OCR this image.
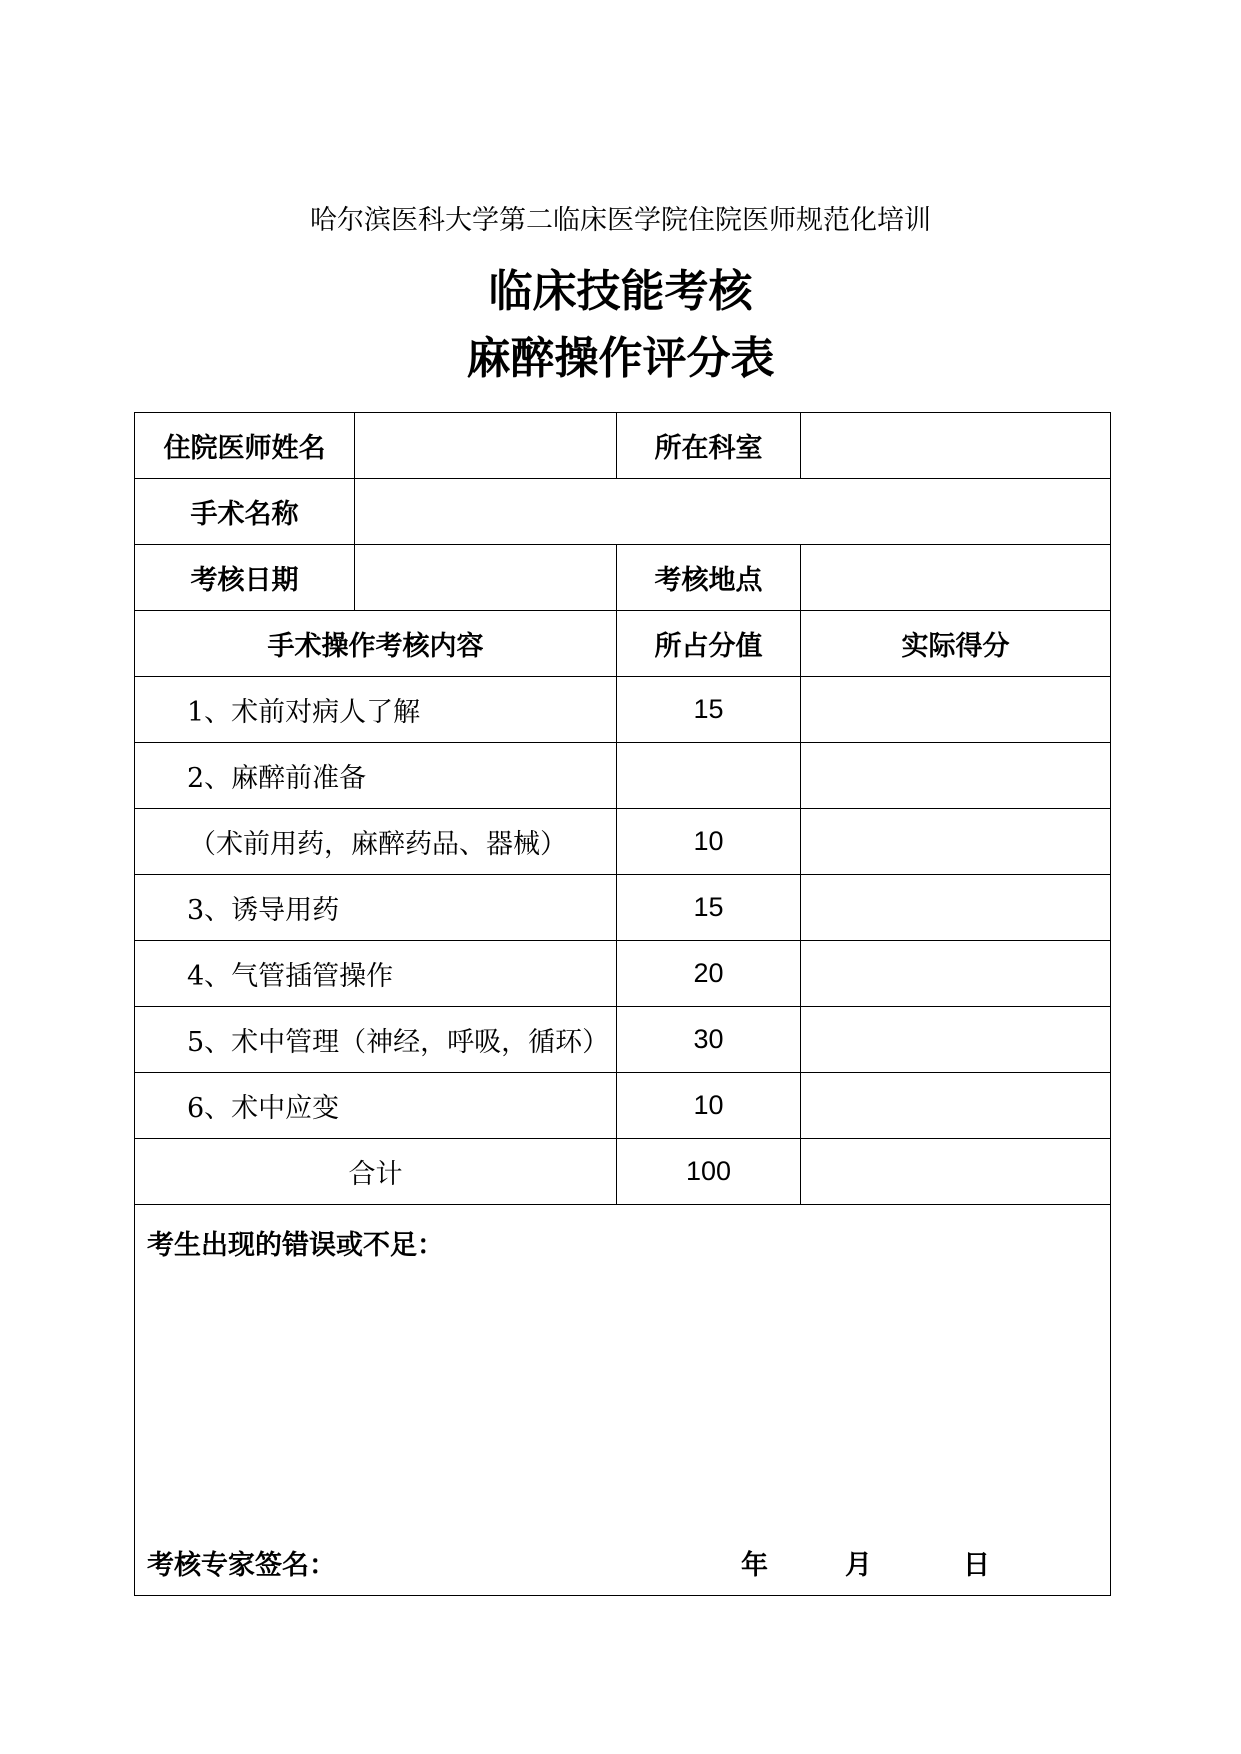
哈尔滨医科大学第二临床医学院住院医师规范化培训
临床技能考核
麻醉操作评分表
住院医师姓名		所在科室	
手术名称			
考核日期		考核地点	
手术操作考核内容		所占分值	实际得分
1、术前对病人了解		15	
2、麻醉前准备			
（术前用药，麻醉药品、器械）		10	
3、诱导用药		15	
4、气管插管操作		20	
5、术中管理（神经，呼吸，循环）		30	
6、术中应变		10	
合计		100	

考生出现的错误或不足：
考核专家签名： 年 月 日			
